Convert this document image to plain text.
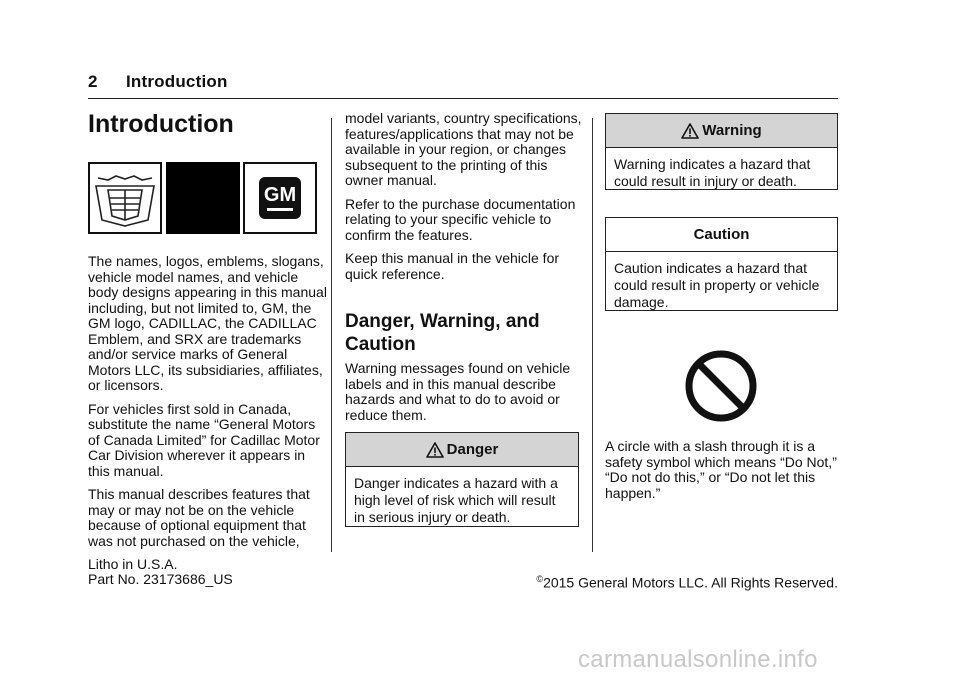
2 Introduction
Introduction
GM

The names, logos, emblems, slogans, vehicle model names, and vehicle body designs appearing in this manual including, but not limited to, GM, the GM logo, CADILLAC, the CADILLAC Emblem, and SRX are trademarks and/or service marks of General Motors LLC, its subsidiaries, affiliates, or licensors.

For vehicles first sold in Canada, substitute the name “General Motors of Canada Limited” for Cadillac Motor Car Division wherever it appears in this manual.

This manual describes features that may or may not be on the vehicle because of optional equipment that was not purchased on the vehicle,

model variants, country specifications, features/applications that may not be available in your region, or changes subsequent to the printing of this owner manual.

Refer to the purchase documentation relating to your specific vehicle to confirm the features.

Keep this manual in the vehicle for quick reference.

Danger, Warning, and Caution

Warning messages found on vehicle labels and in this manual describe hazards and what to do to avoid or reduce them.

Danger
Danger indicates a hazard with a high level of risk which will result in serious injury or death.
Warning
Warning indicates a hazard that could result in injury or death.
Caution
Caution indicates a hazard that could result in property or vehicle damage.

A circle with a slash through it is a safety symbol which means “Do Not,” “Do not do this,” or “Do not let this happen.”

Litho in U.S.A.
Part No. 23173686_US	©2015 General Motors LLC. All Rights Reserved.
carmanualsonline.info
